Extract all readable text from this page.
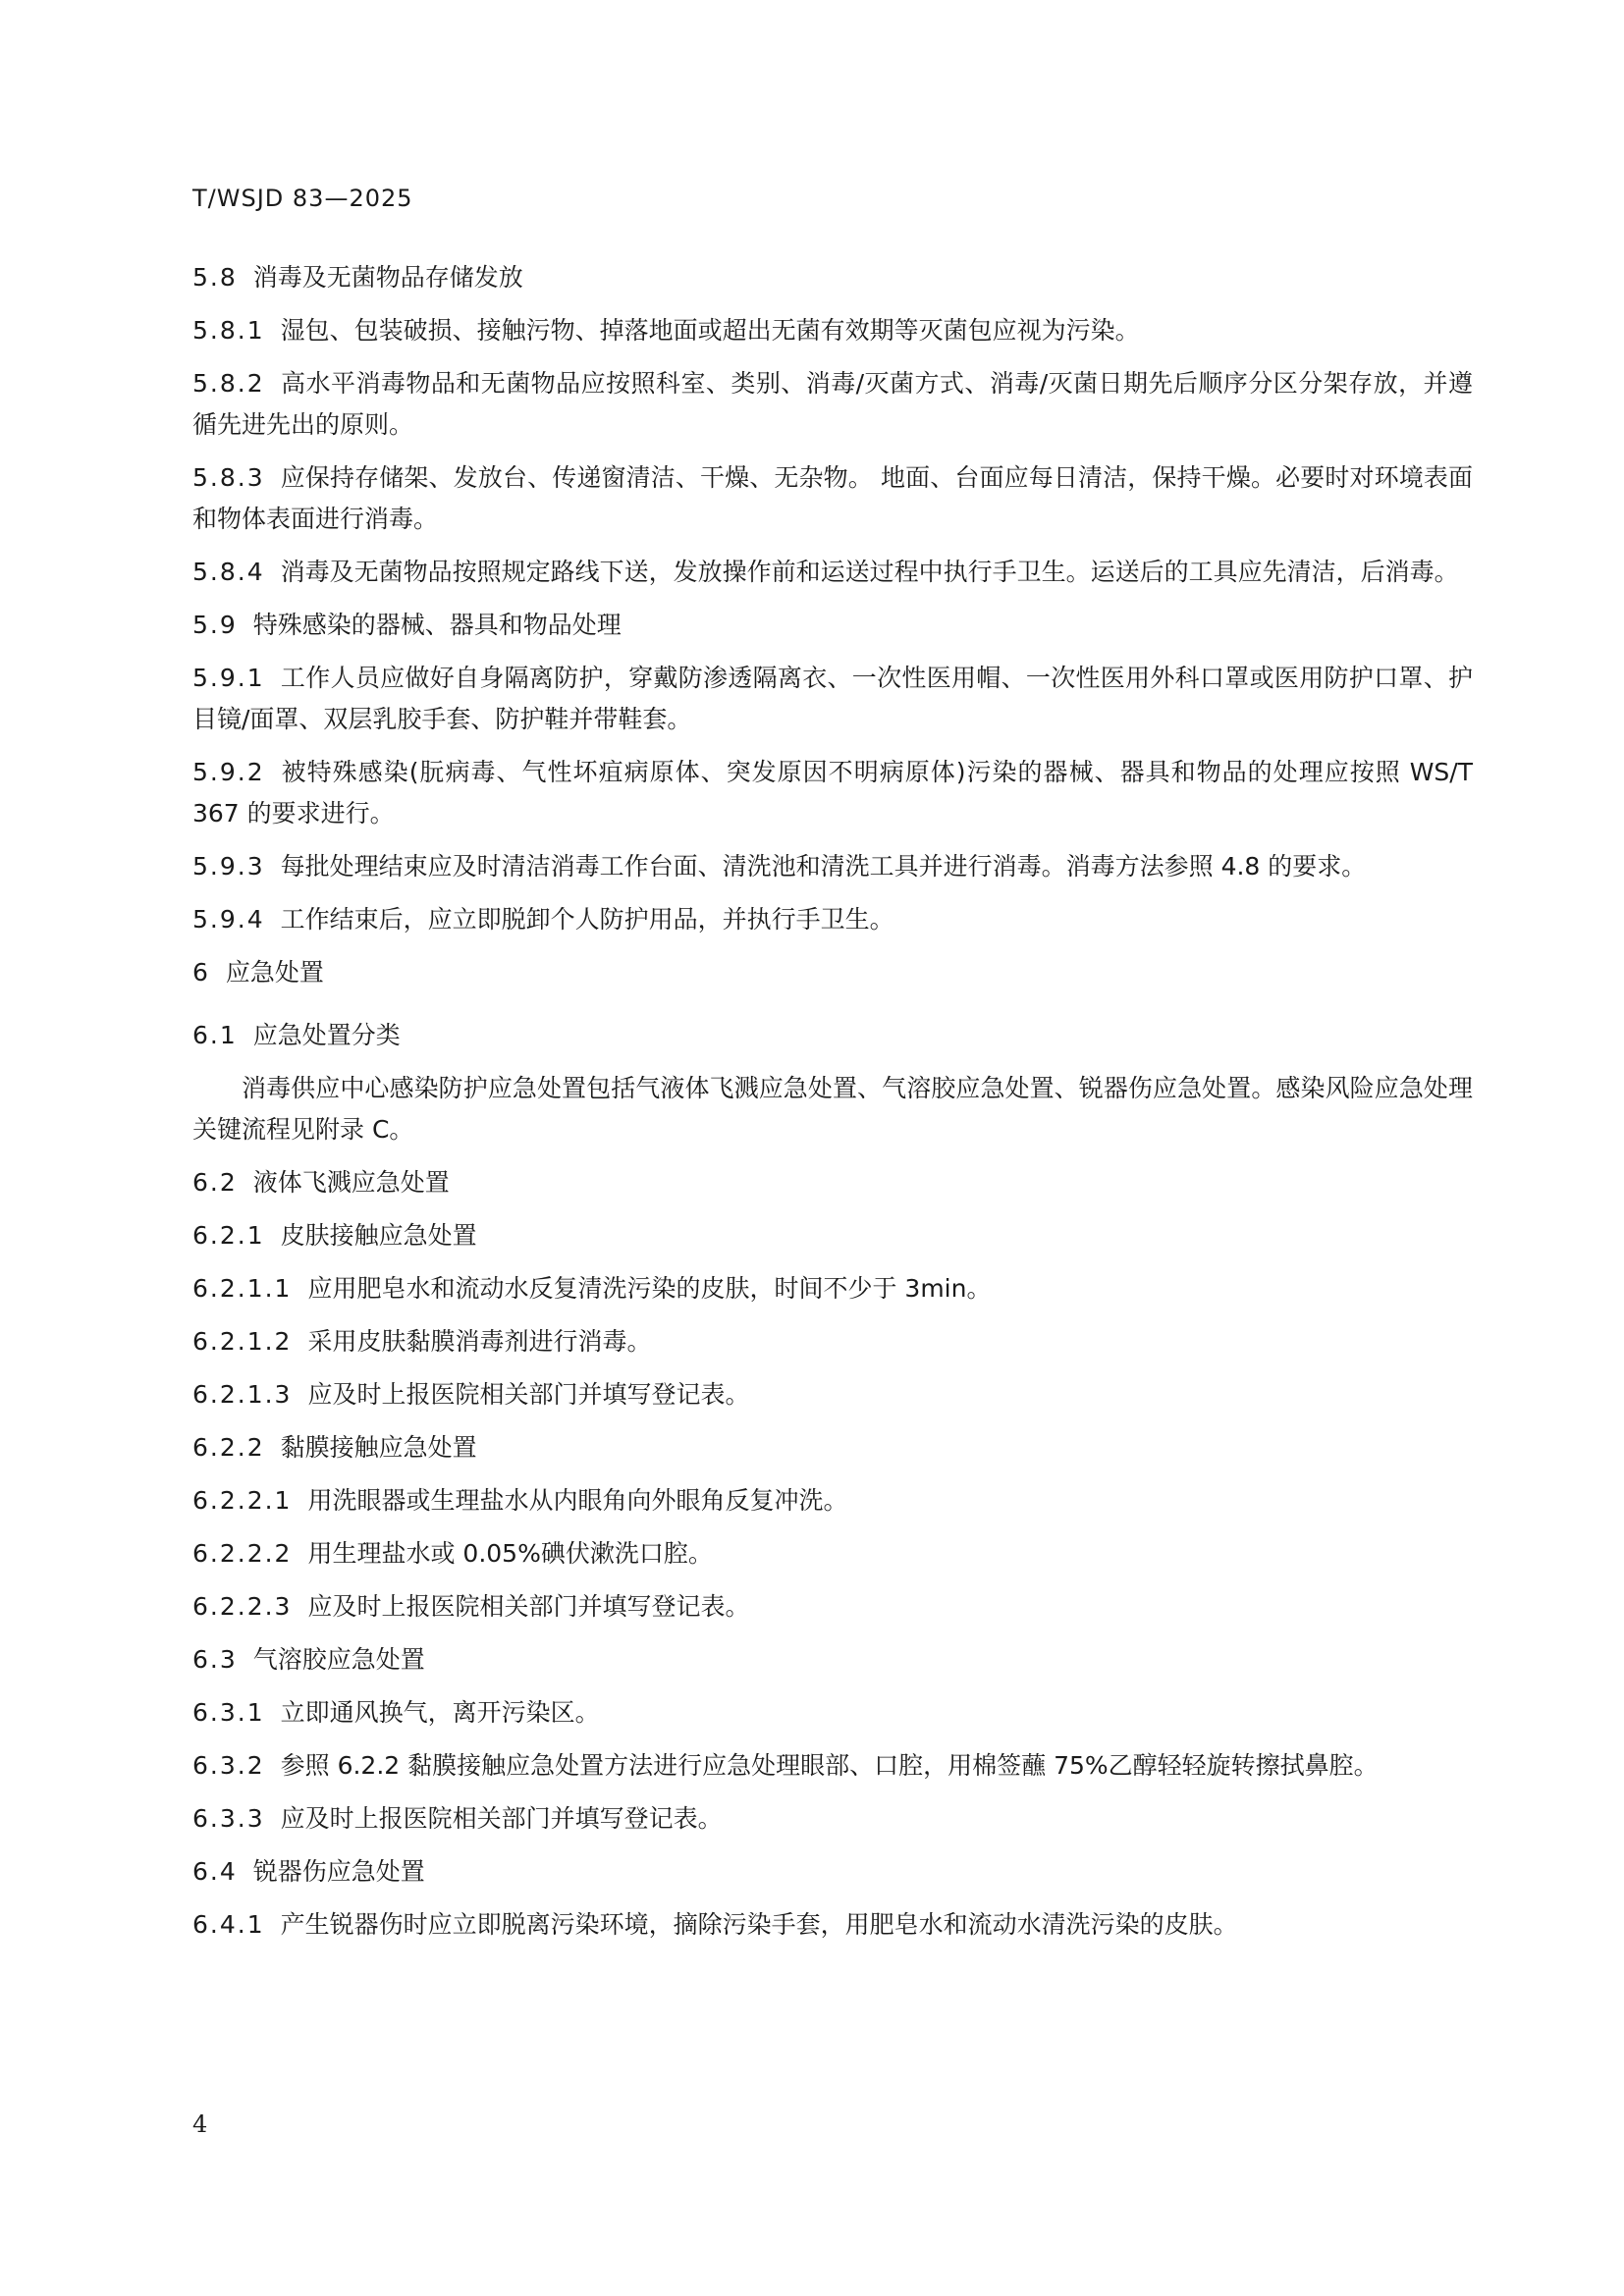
T/WSJD 83—2025
5.8 消毒及无菌物品存储发放
5.8.1 湿包、包装破损、接触污物、掉落地面或超出无菌有效期等灭菌包应视为污染。
5.8.2 高水平消毒物品和无菌物品应按照科室、类别、消毒/灭菌方式、消毒/灭菌日期先后顺序分区分架存放，并遵循先进先出的原则。
5.8.3 应保持存储架、发放台、传递窗清洁、干燥、无杂物。 地面、台面应每日清洁，保持干燥。必要时对环境表面和物体表面进行消毒。
5.8.4 消毒及无菌物品按照规定路线下送，发放操作前和运送过程中执行手卫生。运送后的工具应先清洁，后消毒。
5.9 特殊感染的器械、器具和物品处理
5.9.1 工作人员应做好自身隔离防护，穿戴防渗透隔离衣、一次性医用帽、一次性医用外科口罩或医用防护口罩、护目镜/面罩、双层乳胶手套、防护鞋并带鞋套。
5.9.2 被特殊感染(朊病毒、气性坏疽病原体、突发原因不明病原体)污染的器械、器具和物品的处理应按照 WS/T 367 的要求进行。
5.9.3 每批处理结束应及时清洁消毒工作台面、清洗池和清洗工具并进行消毒。消毒方法参照 4.8 的要求。
5.9.4 工作结束后，应立即脱卸个人防护用品，并执行手卫生。
6 应急处置
6.1 应急处置分类
消毒供应中心感染防护应急处置包括气液体飞溅应急处置、气溶胶应急处置、锐器伤应急处置。感染风险应急处理关键流程见附录 C。
6.2 液体飞溅应急处置
6.2.1 皮肤接触应急处置
6.2.1.1 应用肥皂水和流动水反复清洗污染的皮肤，时间不少于 3min。
6.2.1.2 采用皮肤黏膜消毒剂进行消毒。
6.2.1.3 应及时上报医院相关部门并填写登记表。
6.2.2 黏膜接触应急处置
6.2.2.1 用洗眼器或生理盐水从内眼角向外眼角反复冲洗。
6.2.2.2 用生理盐水或 0.05%碘伏漱洗口腔。
6.2.2.3 应及时上报医院相关部门并填写登记表。
6.3 气溶胶应急处置
6.3.1 立即通风换气，离开污染区。
6.3.2 参照 6.2.2 黏膜接触应急处置方法进行应急处理眼部、口腔，用棉签蘸 75%乙醇轻轻旋转擦拭鼻腔。
6.3.3 应及时上报医院相关部门并填写登记表。
6.4 锐器伤应急处置
6.4.1 产生锐器伤时应立即脱离污染环境，摘除污染手套，用肥皂水和流动水清洗污染的皮肤。
4
